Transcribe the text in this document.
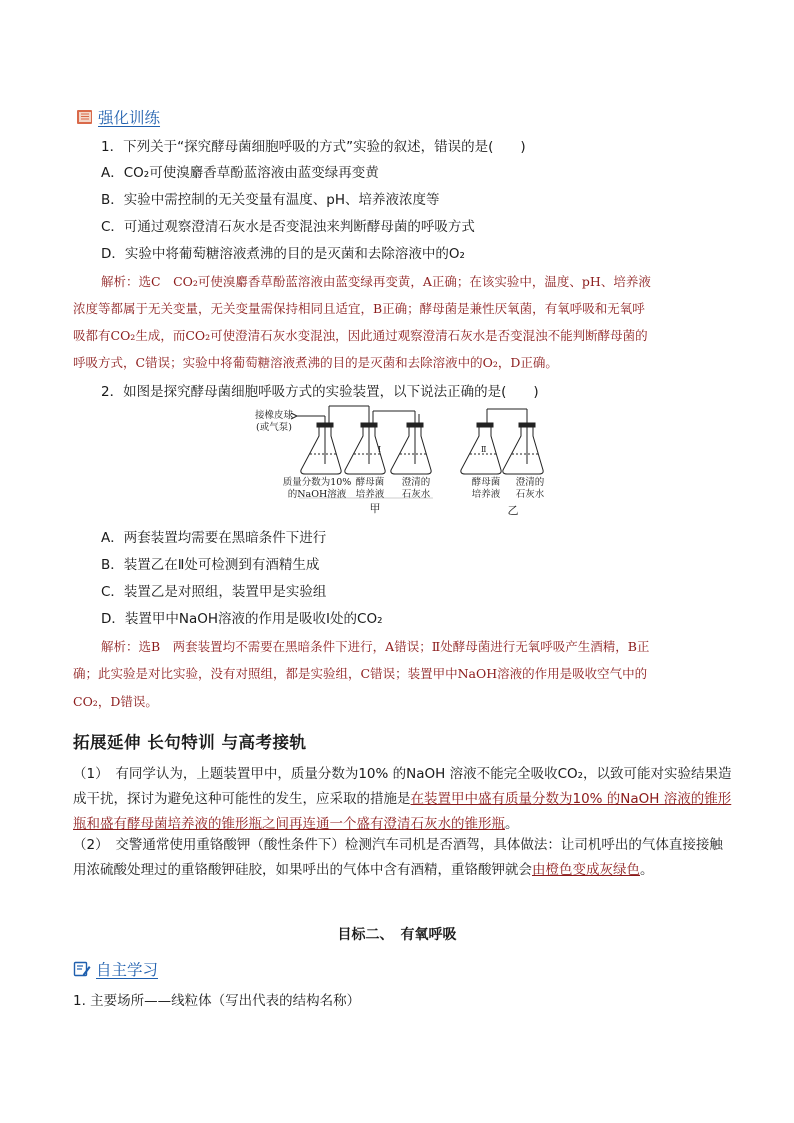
强化训练
1．下列关于“探究酵母菌细胞呼吸的方式”实验的叙述，错误的是(　　)
A．CO₂可使溴麝香草酚蓝溶液由蓝变绿再变黄
B．实验中需控制的无关变量有温度、pH、培养液浓度等
C．可通过观察澄清石灰水是否变混浊来判断酵母菌的呼吸方式
D．实验中将葡萄糖溶液煮沸的目的是灭菌和去除溶液中的O₂
解析：选C　CO₂可使溴麝香草酚蓝溶液由蓝变绿再变黄，A正确；在该实验中，温度、pH、培养液
浓度等都属于无关变量，无关变量需保持相同且适宜，B正确；酵母菌是兼性厌氧菌，有氧呼吸和无氧呼
吸都有CO₂生成，而CO₂可使澄清石灰水变混浊，因此通过观察澄清石灰水是否变混浊不能判断酵母菌的
呼吸方式，C错误；实验中将葡萄糖溶液煮沸的目的是灭菌和去除溶液中的O₂，D正确。
2．如图是探究酵母菌细胞呼吸方式的实验装置，以下说法正确的是(　　)
Ⅰ	Ⅱ
接橡皮球
(或气泵)
质量分数为10%
的NaOH溶液
酵母菌
培养液
澄清的
石灰水
酵母菌
培养液
澄清的
石灰水
甲	乙
A．两套装置均需要在黑暗条件下进行
B．装置乙在Ⅱ处可检测到有酒精生成
C．装置乙是对照组，装置甲是实验组
D．装置甲中NaOH溶液的作用是吸收Ⅰ处的CO₂
解析：选B　两套装置均不需要在黑暗条件下进行，A错误；Ⅱ处酵母菌进行无氧呼吸产生酒精，B正
确；此实验是对比实验，没有对照组，都是实验组，C错误；装置甲中NaOH溶液的作用是吸收空气中的
CO₂，D错误。
拓展延伸 长句特训 与高考接轨
（1）　有同学认为，上题装置甲中，质量分数为10% 的NaOH 溶液不能完全吸收CO₂，以致可能对实验结果造成干扰，探讨为避免这种可能性的发生，应采取的措施是在装置甲中盛有质量分数为10% 的NaOH 溶液的锥形瓶和盛有酵母菌培养液的锥形瓶之间再连通一个盛有澄清石灰水的锥形瓶。
（2）　交警通常使用重铬酸钾（酸性条件下）检测汽车司机是否酒驾，具体做法：让司机呼出的气体直接接触用浓硫酸处理过的重铬酸钾硅胶，如果呼出的气体中含有酒精，重铬酸钾就会由橙色变成灰绿色。
目标二、　有氧呼吸
自主学习
1. 主要场所——线粒体（写出代表的结构名称）
